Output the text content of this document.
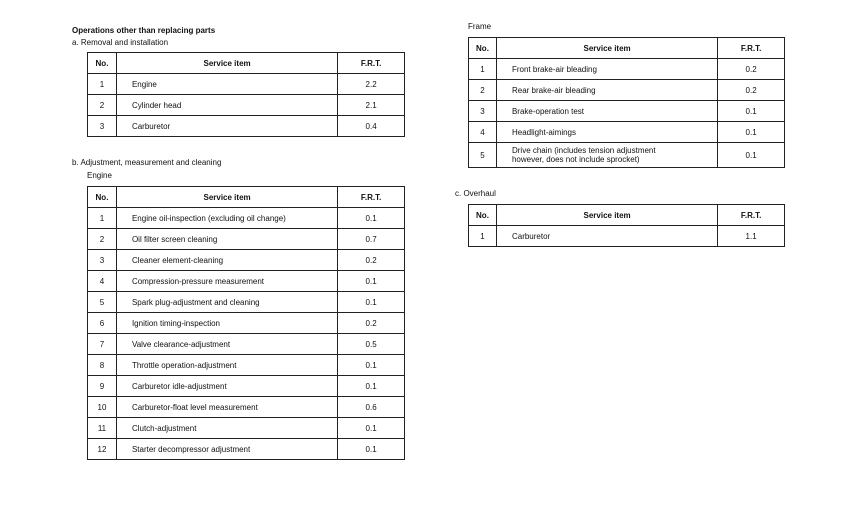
Operations other than replacing parts
a. Removal and installation
No.	Service item	F.R.T.
1	Engine	2.2
2	Cylinder head	2.1
3	Carburetor	0.4
b. Adjustment, measurement and cleaning
Engine
No.	Service item	F.R.T.
1	Engine oil-inspection (excluding oil change)	0.1
2	Oil filter screen cleaning	0.7
3	Cleaner element-cleaning	0.2
4	Compression-pressure measurement	0.1
5	Spark plug-adjustment and cleaning	0.1
6	Ignition timing-inspection	0.2
7	Valve clearance-adjustment	0.5
8	Throttle operation-adjustment	0.1
9	Carburetor idle-adjustment	0.1
10	Carburetor-float level measurement	0.6
11	Clutch-adjustment	0.1
12	Starter decompressor adjustment	0.1
Frame
No.	Service item	F.R.T.
1	Front brake-air bleading	0.2
2	Rear brake-air bleading	0.2
3	Brake-operation test	0.1
4	Headlight-aimings	0.1
5	Drive chain (includes tension adjustment
however, does not include sprocket)	0.1
c. Overhaul
No.	Service item	F.R.T.
1	Carburetor	1.1
